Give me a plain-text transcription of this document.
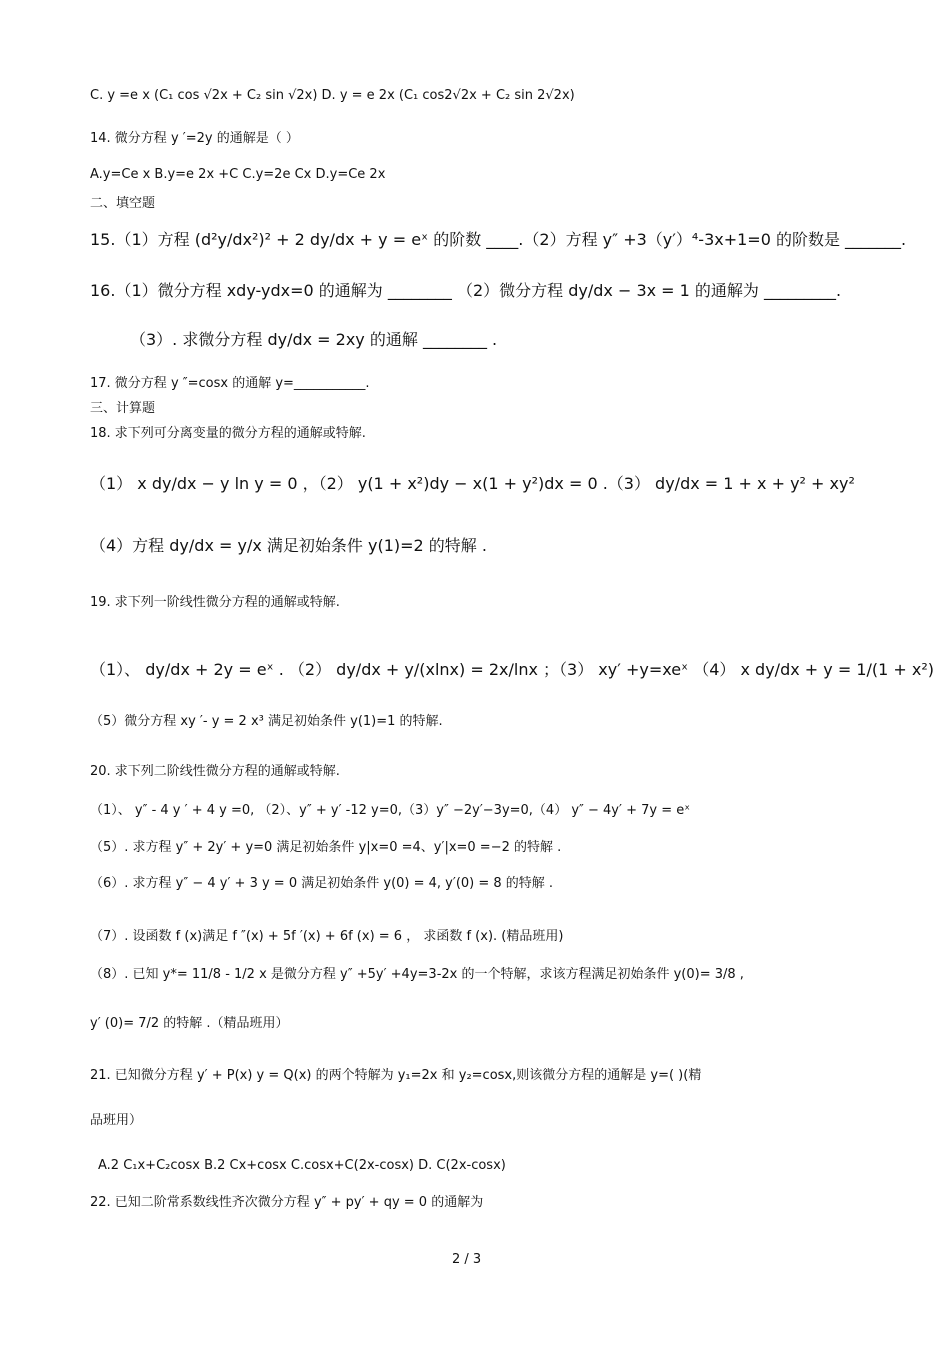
C. y =e x (C₁ cos √2x + C₂ sin √2x) D. y = e 2x (C₁ cos2√2x + C₂ sin 2√2x)
14. 微分方程 y ′=2y 的通解是（ ）
A.y=Ce x B.y=e 2x +C C.y=2e Cx D.y=Ce 2x
二、填空题
15.（1）方程 (d²y/dx²)² + 2 dy/dx + y = eˣ 的阶数 ____.（2）方程 y″ +3（y′）⁴-3x+1=0 的阶数是 _______.
16.（1）微分方程 xdy-ydx=0 的通解为 ________ （2）微分方程 dy/dx − 3x = 1 的通解为 _________.
（3）. 求微分方程 dy/dx = 2xy 的通解 ________ .
17. 微分方程 y ″=cosx 的通解 y=___________.
三、计算题
18. 求下列可分离变量的微分方程的通解或特解.
（1） x dy/dx − y ln y = 0 ，（2） y(1 + x²)dy − x(1 + y²)dx = 0 .（3） dy/dx = 1 + x + y² + xy²
（4）方程 dy/dx = y/x 满足初始条件 y(1)=2 的特解 .
19. 求下列一阶线性微分方程的通解或特解.
（1）、 dy/dx + 2y = eˣ . （2） dy/dx + y/(xlnx) = 2x/lnx ；（3） xy′ +y=xeˣ （4） x dy/dx + y = 1/(1 + x²)
（5）微分方程 xy ′- y = 2 x³ 满足初始条件 y(1)=1 的特解.
20. 求下列二阶线性微分方程的通解或特解.
（1）、 y″ - 4 y ′ + 4 y =0, （2）、y″ + y′ -12 y=0,（3）y″ −2y′−3y=0,（4） y″ − 4y′ + 7y = eˣ
（5）. 求方程 y″ + 2y′ + y=0 满足初始条件 y|x=0 =4、y′|x=0 =−2 的特解 .
（6）. 求方程 y″ − 4 y′ + 3 y = 0 满足初始条件 y(0) = 4, y′(0) = 8 的特解 .
（7）. 设函数 f (x)满足 f ″(x) + 5f ′(x) + 6f (x) = 6 ， 求函数 f (x). (精品班用)
（8）. 已知 y*= 11/8 - 1/2 x 是微分方程 y″ +5y′ +4y=3-2x 的一个特解，求该方程满足初始条件 y(0)= 3/8 ,
y′ (0)= 7/2 的特解 .（精品班用）
21. 已知微分方程 y′ + P(x) y = Q(x) 的两个特解为 y₁=2x 和 y₂=cosx,则该微分方程的通解是 y=( )(精
品班用）
A.2 C₁x+C₂cosx B.2 Cx+cosx C.cosx+C(2x-cosx) D. C(2x-cosx)
22. 已知二阶常系数线性齐次微分方程 y″ + py′ + qy = 0 的通解为
2 / 3
